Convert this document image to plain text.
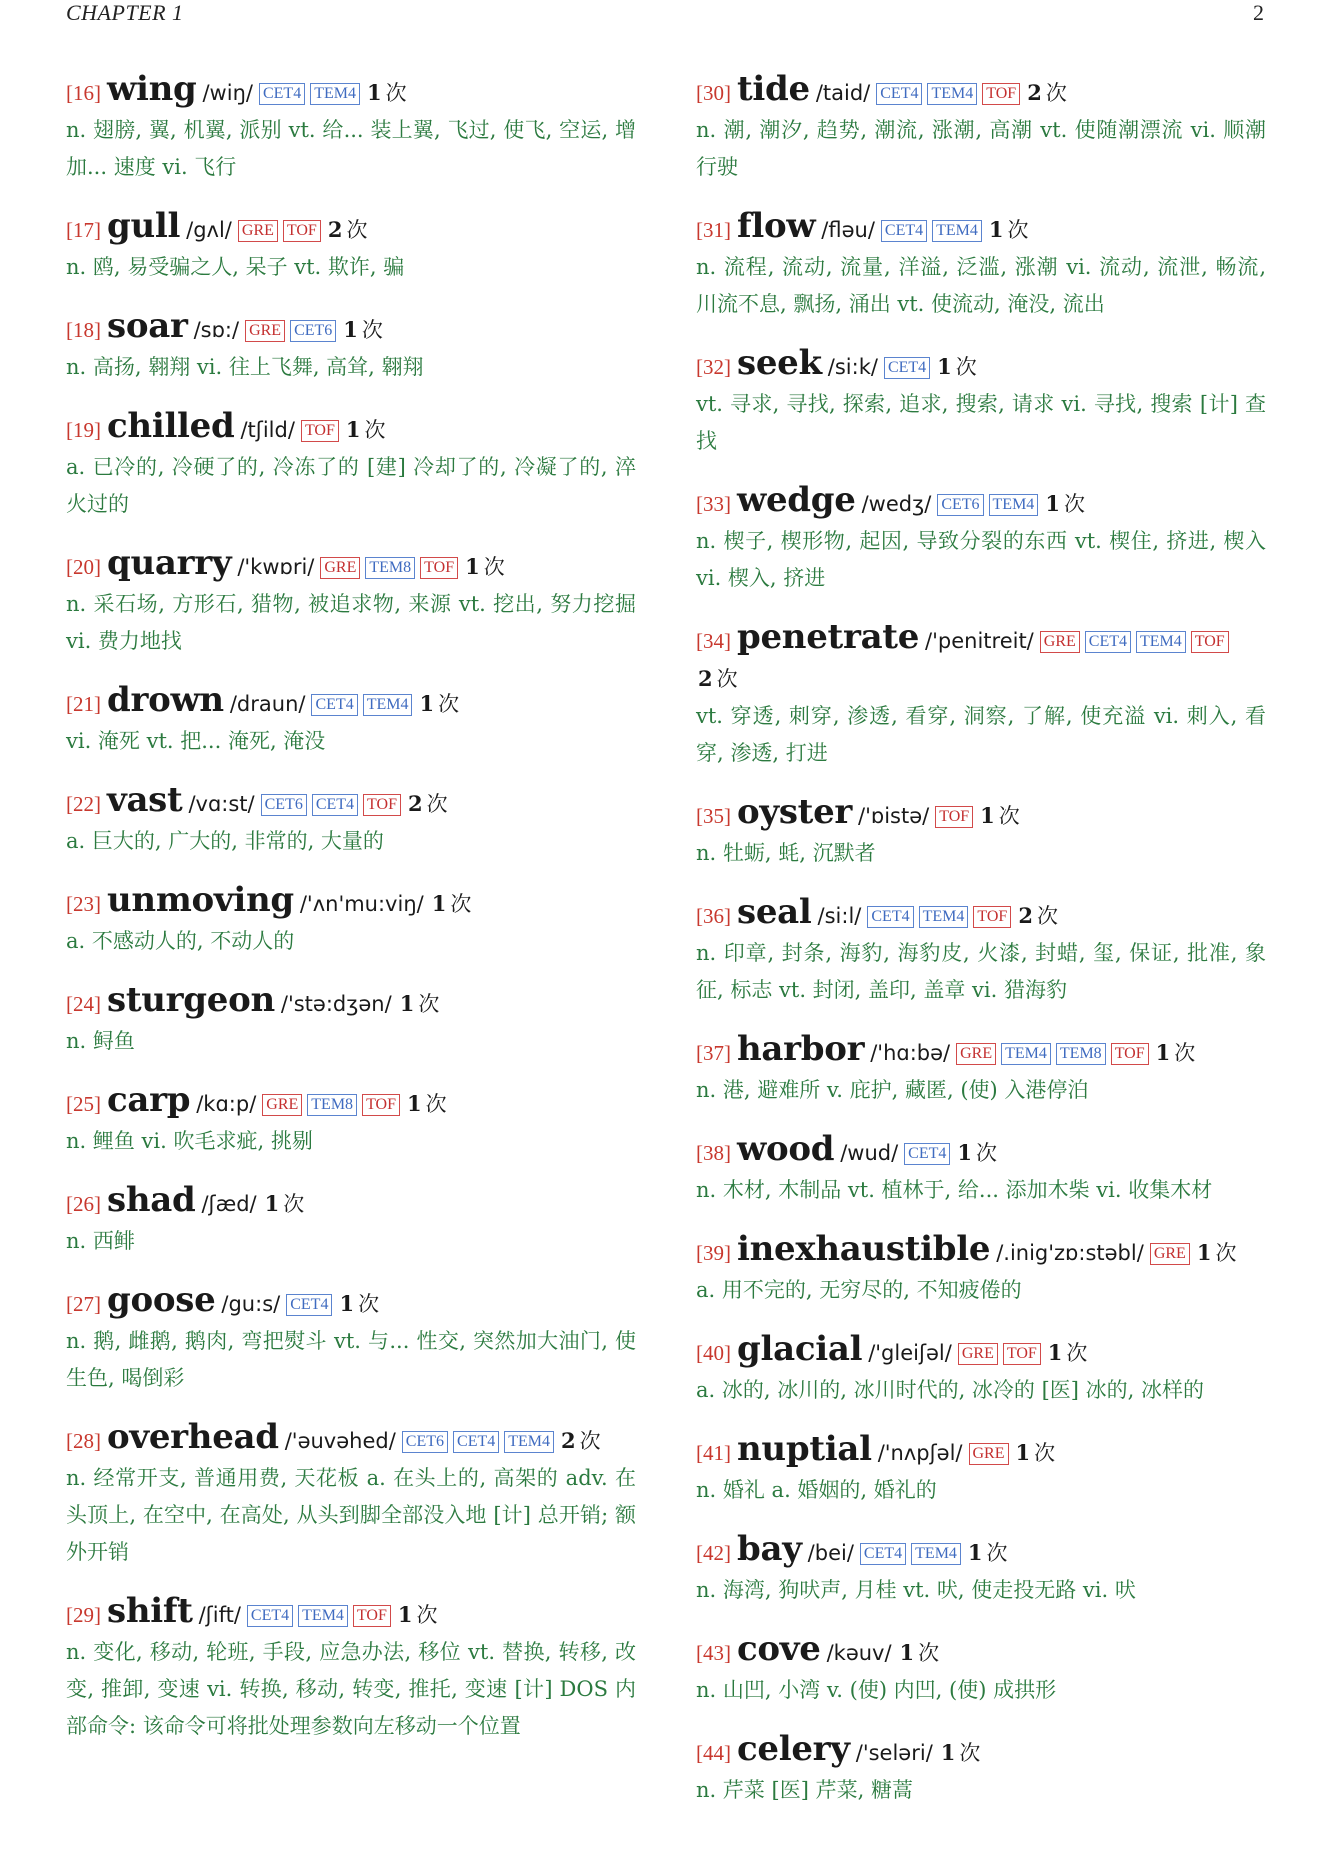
CHAPTER 1	2
[16] wing /wiŋ/ CET4 TEM4 1 次
n. 翅膀, 翼, 机翼, 派别 vt. 给... 装上翼, 飞过, 使飞, 空运, 增加... 速度 vi. 飞行
[17] gull /gʌl/ GRE TOF 2 次
n. 鸥, 易受骗之人, 呆子 vt. 欺诈, 骗
[18] soar /sɒ:/ GRE CET6 1 次
n. 高扬, 翱翔 vi. 往上飞舞, 高耸, 翱翔
[19] chilled /tʃild/ TOF 1 次
a. 已冷的, 冷硬了的, 冷冻了的 [建] 冷却了的, 冷凝了的, 淬火过的
[20] quarry /'kwɒri/ GRE TEM8 TOF 1 次
n. 采石场, 方形石, 猎物, 被追求物, 来源 vt. 挖出, 努力挖掘 vi. 费力地找
[21] drown /draun/ CET4 TEM4 1 次
vi. 淹死 vt. 把... 淹死, 淹没
[22] vast /vɑ:st/ CET6 CET4 TOF 2 次
a. 巨大的, 广大的, 非常的, 大量的
[23] unmoving /'ʌn'mu:viŋ/ 1 次
a. 不感动人的, 不动人的
[24] sturgeon /'stə:dʒən/ 1 次
n. 鲟鱼
[25] carp /kɑ:p/ GRE TEM8 TOF 1 次
n. 鲤鱼 vi. 吹毛求疵, 挑剔
[26] shad /ʃæd/ 1 次
n. 西鲱
[27] goose /gu:s/ CET4 1 次
n. 鹅, 雌鹅, 鹅肉, 弯把熨斗 vt. 与... 性交, 突然加大油门, 使生色, 喝倒彩
[28] overhead /'əuvəhed/ CET6 CET4 TEM4 2 次
n. 经常开支, 普通用费, 天花板 a. 在头上的, 高架的 adv. 在头顶上, 在空中, 在高处, 从头到脚全部没入地 [计] 总开销; 额外开销
[29] shift /ʃift/ CET4 TEM4 TOF 1 次
n. 变化, 移动, 轮班, 手段, 应急办法, 移位 vt. 替换, 转移, 改变, 推卸, 变速 vi. 转换, 移动, 转变, 推托, 变速 [计] DOS 内部命令: 该命令可将批处理参数向左移动一个位置
[30] tide /taid/ CET4 TEM4 TOF 2 次
n. 潮, 潮汐, 趋势, 潮流, 涨潮, 高潮 vt. 使随潮漂流 vi. 顺潮行驶
[31] flow /fləu/ CET4 TEM4 1 次
n. 流程, 流动, 流量, 洋溢, 泛滥, 涨潮 vi. 流动, 流泄, 畅流, 川流不息, 飘扬, 涌出 vt. 使流动, 淹没, 流出
[32] seek /si:k/ CET4 1 次
vt. 寻求, 寻找, 探索, 追求, 搜索, 请求 vi. 寻找, 搜索 [计] 查找
[33] wedge /wedʒ/ CET6 TEM4 1 次
n. 楔子, 楔形物, 起因, 导致分裂的东西 vt. 楔住, 挤进, 楔入 vi. 楔入, 挤进
[34] penetrate /'penitreit/ GRE CET4 TEM4 TOF
2 次
vt. 穿透, 刺穿, 渗透, 看穿, 洞察, 了解, 使充溢 vi. 刺入, 看穿, 渗透, 打进
[35] oyster /'ɒistə/ TOF 1 次
n. 牡蛎, 蚝, 沉默者
[36] seal /si:l/ CET4 TEM4 TOF 2 次
n. 印章, 封条, 海豹, 海豹皮, 火漆, 封蜡, 玺, 保证, 批准, 象征, 标志 vt. 封闭, 盖印, 盖章 vi. 猎海豹
[37] harbor /'hɑ:bə/ GRE TEM4 TEM8 TOF 1 次
n. 港, 避难所 v. 庇护, 藏匿, (使) 入港停泊
[38] wood /wud/ CET4 1 次
n. 木材, 木制品 vt. 植林于, 给... 添加木柴 vi. 收集木材
[39] inexhaustible /.inig'zɒ:stəbl/ GRE 1 次
a. 用不完的, 无穷尽的, 不知疲倦的
[40] glacial /'gleiʃəl/ GRE TOF 1 次
a. 冰的, 冰川的, 冰川时代的, 冰冷的 [医] 冰的, 冰样的
[41] nuptial /'nʌpʃəl/ GRE 1 次
n. 婚礼 a. 婚姻的, 婚礼的
[42] bay /bei/ CET4 TEM4 1 次
n. 海湾, 狗吠声, 月桂 vt. 吠, 使走投无路 vi. 吠
[43] cove /kəuv/ 1 次
n. 山凹, 小湾 v. (使) 内凹, (使) 成拱形
[44] celery /'seləri/ 1 次
n. 芹菜 [医] 芹菜, 糖蒿
